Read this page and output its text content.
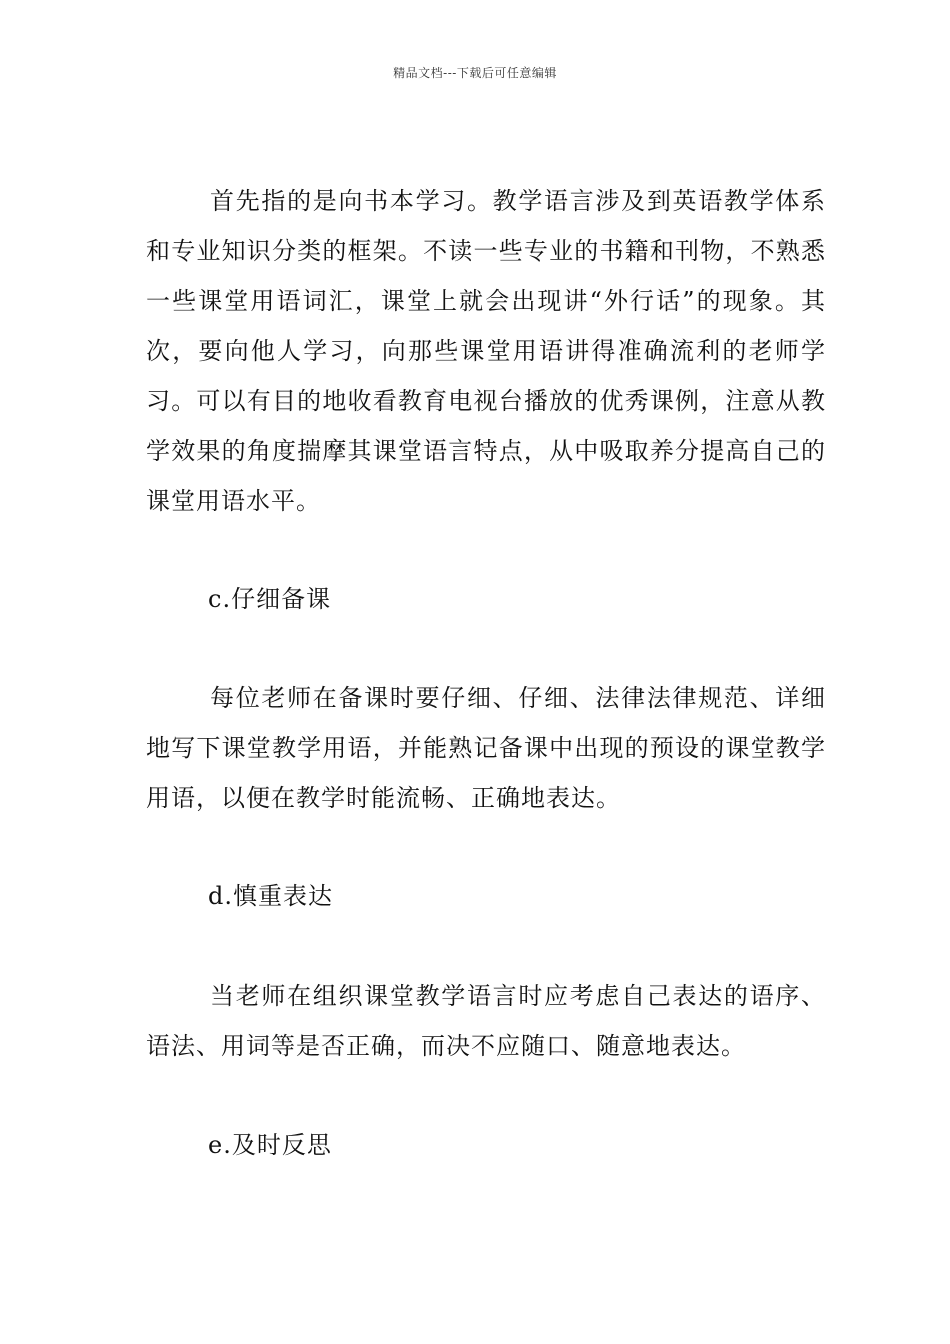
精品文档---下载后可任意编辑

首先指的是向书本学习。教学语言涉及到英语教学体系和专业知识分类的框架。不读一些专业的书籍和刊物，不熟悉一些课堂用语词汇，课堂上就会出现讲“外行话”的现象。其次，要向他人学习，向那些课堂用语讲得准确流利的老师学习。可以有目的地收看教育电视台播放的优秀课例，注意从教学效果的角度揣摩其课堂语言特点，从中吸取养分提高自己的课堂用语水平。

c.仔细备课

每位老师在备课时要仔细、仔细、法律法律规范、详细地写下课堂教学用语，并能熟记备课中出现的预设的课堂教学用语，以便在教学时能流畅、正确地表达。

d.慎重表达

当老师在组织课堂教学语言时应考虑自己表达的语序、语法、用词等是否正确，而决不应随口、随意地表达。

e.及时反思
